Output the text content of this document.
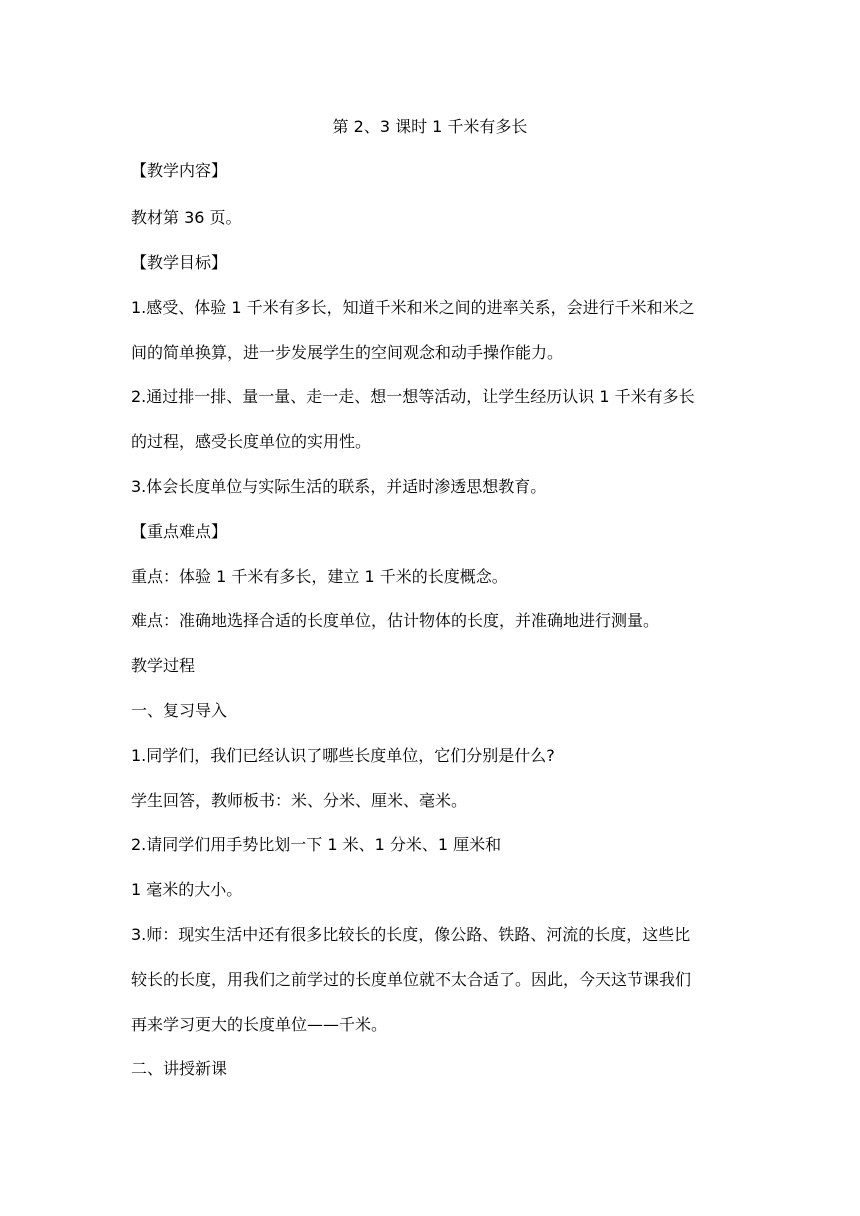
第 2、3 课时 1 千米有多长
【教学内容】
教材第 36 页。
【教学目标】
1.感受、体验 1 千米有多长，知道千米和米之间的进率关系，会进行千米和米之
间的简单换算，进一步发展学生的空间观念和动手操作能力。
2.通过排一排、量一量、走一走、想一想等活动，让学生经历认识 1 千米有多长
的过程，感受长度单位的实用性。
3.体会长度单位与实际生活的联系，并适时渗透思想教育。
【重点难点】
重点：体验 1 千米有多长，建立 1 千米的长度概念。
难点：准确地选择合适的长度单位，估计物体的长度，并准确地进行测量。
教学过程
一、复习导入
1.同学们，我们已经认识了哪些长度单位，它们分别是什么?
学生回答，教师板书：米、分米、厘米、毫米。
2.请同学们用手势比划一下 1 米、1 分米、1 厘米和
1 毫米的大小。
3.师：现实生活中还有很多比较长的长度，像公路、铁路、河流的长度，这些比
较长的长度，用我们之前学过的长度单位就不太合适了。因此，今天这节课我们
再来学习更大的长度单位——千米。
二、讲授新课
